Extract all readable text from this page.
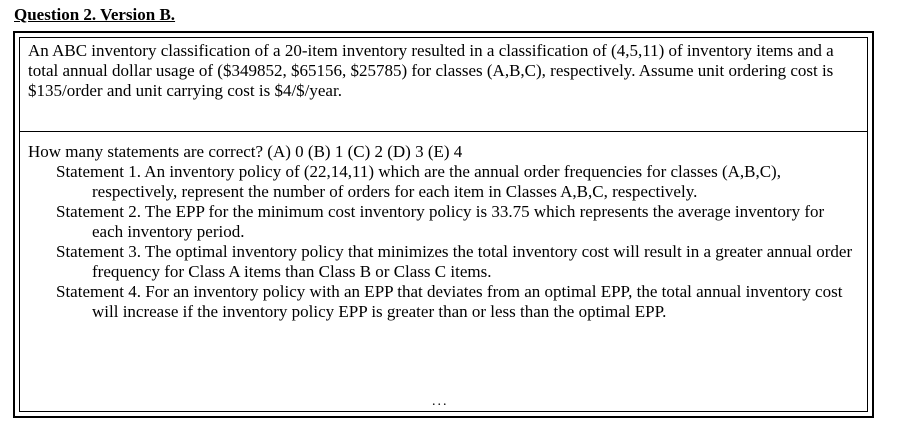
Question 2. Version B.
An ABC inventory classification of a 20-item inventory resulted in a classification of (4,5,11) of inventory items and a total annual dollar usage of ($349852, $65156, $25785) for classes (A,B,C), respectively. Assume unit ordering cost is $135/order and unit carrying cost is $4/$/year.

How many statements are correct? (A) 0 (B) 1 (C) 2 (D) 3 (E) 4

Statement 1. An inventory policy of (22,14,11) which are the annual order frequencies for classes (A,B,C), respectively, represent the number of orders for each item in Classes A,B,C, respectively.

Statement 2. The EPP for the minimum cost inventory policy is 33.75 which represents the average inventory for each inventory period.

Statement 3. The optimal inventory policy that minimizes the total inventory cost will result in a greater annual order frequency for Class A items than Class B or Class C items.

Statement 4. For an inventory policy with an EPP that deviates from an optimal EPP, the total annual inventory cost will increase if the inventory policy EPP is greater than or less than the optimal EPP.

...
